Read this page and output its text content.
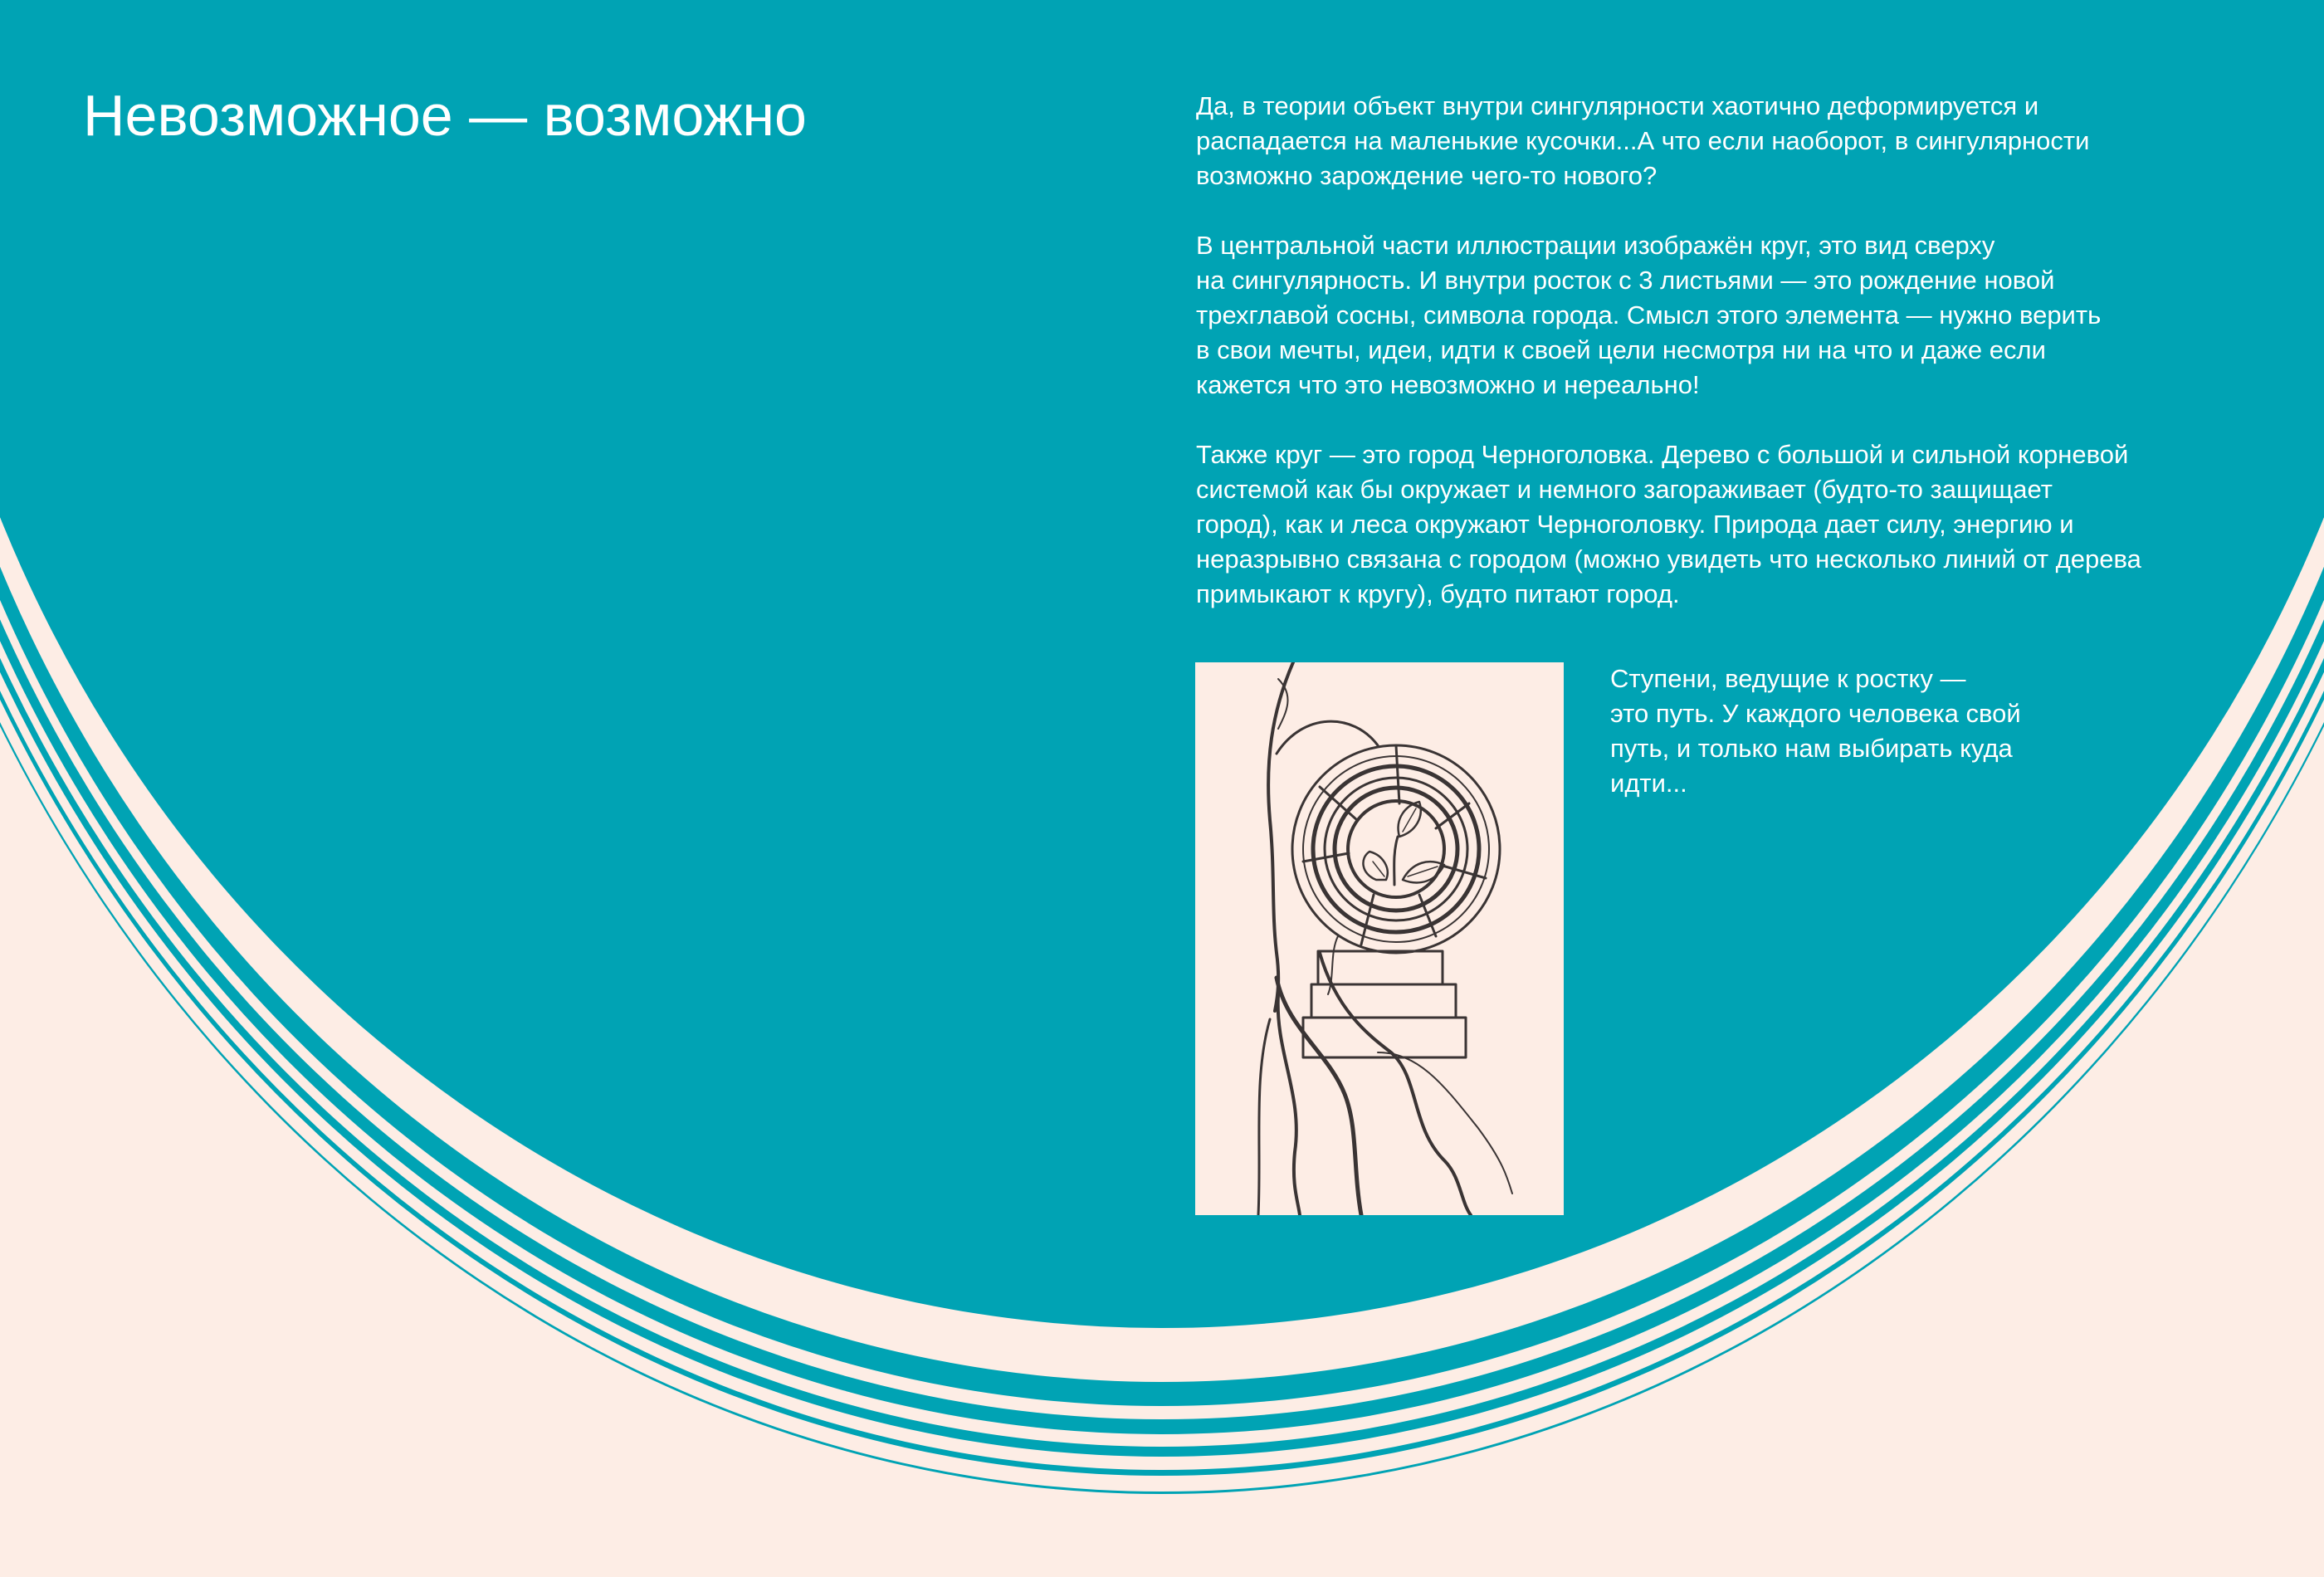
Невозможное — возможно	Да, в теории объект внутри сингулярности хаотично деформируется и
распадается на маленькие кусочки...А что если наоборот, в сингулярности
возможно зарождение чего-то нового?

В центральной части иллюстрации изображён круг, это вид сверху
на сингулярность. И внутри росток с 3 листьями — это рождение новой
трехглавой сосны, символа города. Смысл этого элемента — нужно верить
в свои мечты, идеи, идти к своей цели несмотря ни на что и даже если
кажется что это невозможно и нереально!

Также круг — это город Черноголовка. Дерево с большой и сильной корневой
системой как бы окружает и немного загораживает (будто-то защищает
город), как и леса окружают Черноголовку. Природа дает силу, энергию и
неразрывно связана с городом (можно увидеть что несколько линий от дерева
примыкают к кругу), будто питают город.

Ступени, ведущие к ростку —
это путь. У каждого человека свой
путь, и только нам выбирать куда
идти...
